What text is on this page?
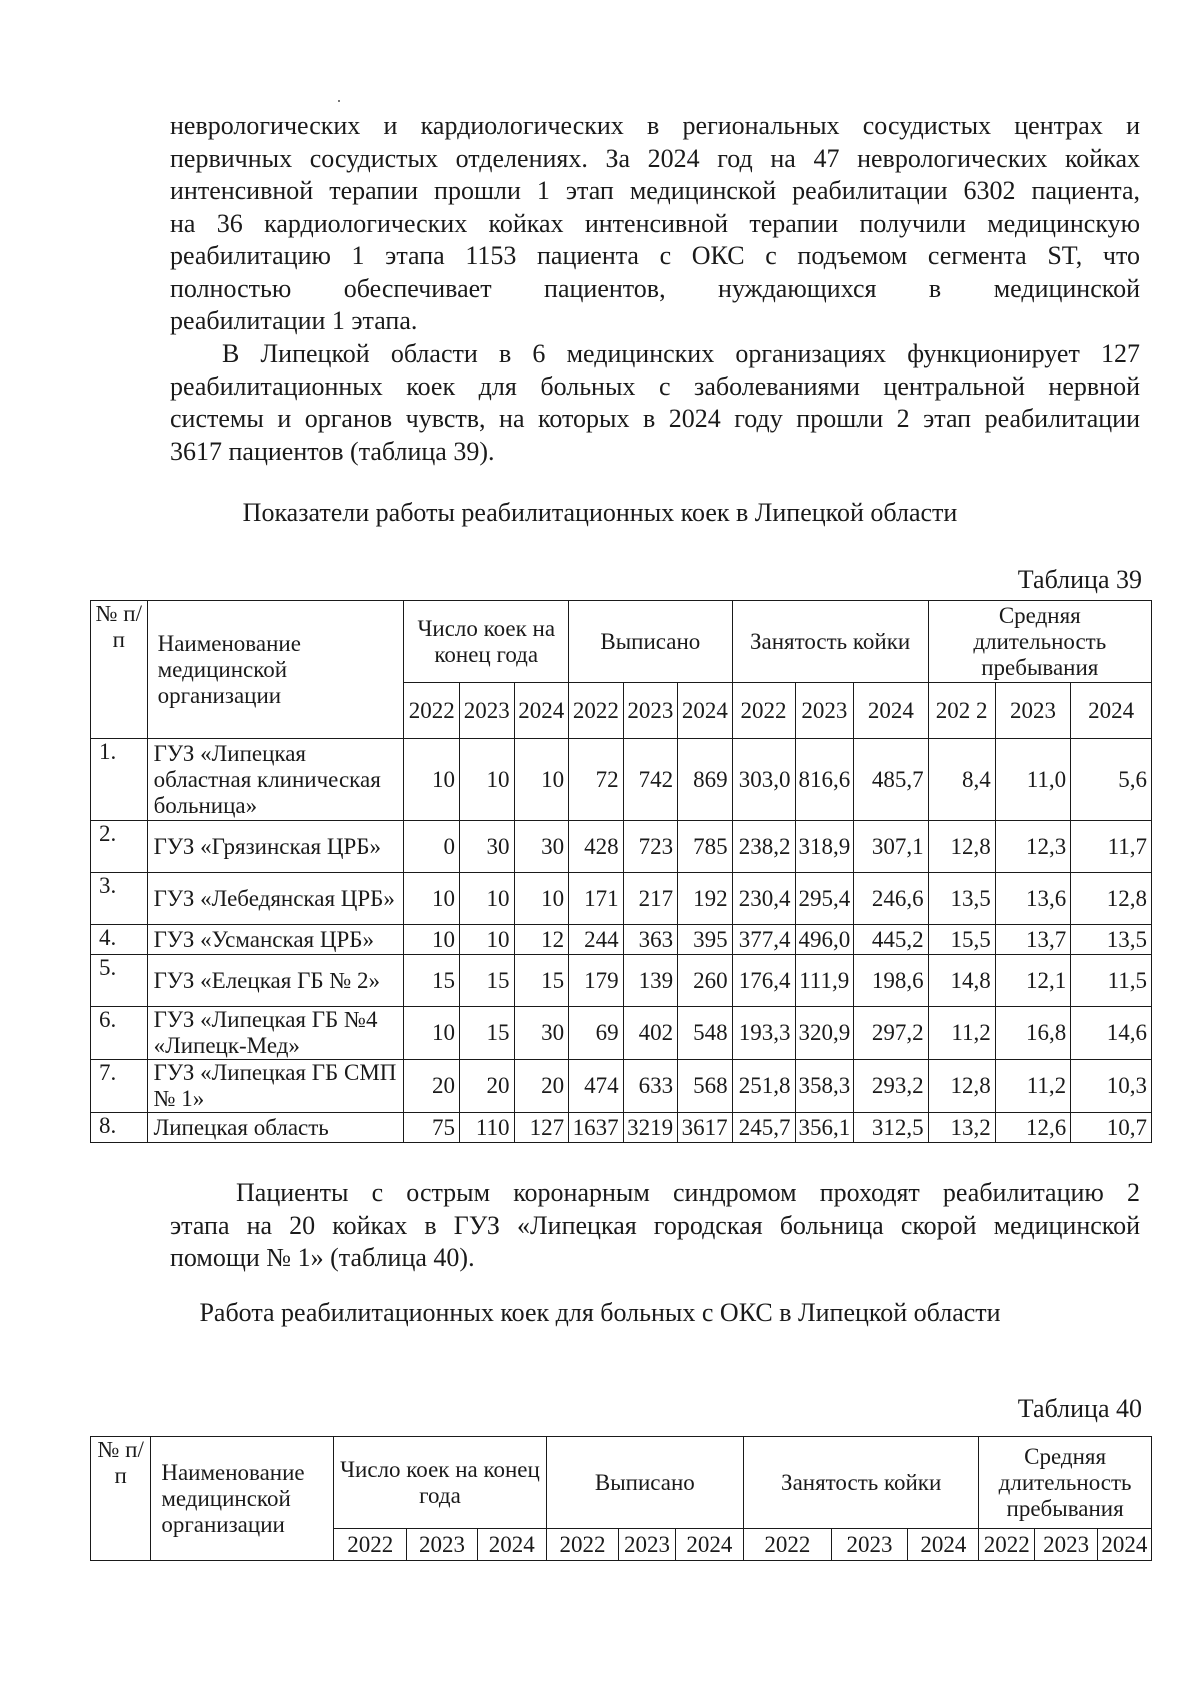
неврологических и кардиологических в региональных сосудистых центрах и
первичных сосудистых отделениях. За 2024 год на 47 неврологических койках
интенсивной терапии прошли 1 этап медицинской реабилитации 6302 пациента,
на 36 кардиологических койках интенсивной терапии получили медицинскую
реабилитацию 1 этапа 1153 пациента с ОКС с подъемом сегмента ST, что
полностью обеспечивает пациентов, нуждающихся в медицинской
реабилитации 1 этапа.
В Липецкой области в 6 медицинских организациях функционирует 127
реабилитационных коек для больных с заболеваниями центральной нервной
системы и органов чувств, на которых в 2024 году прошли 2 этап реабилитации
3617 пациентов (таблица 39).

Показатели работы реабилитационных коек в Липецкой области

Таблица 39

№ п/п	Наименование медицинской организации	Число коек на конец года			Выписано			Занятость койки			Средняя длительность пребывания		
		2022	2023	2024	2022	2023	2024	2022	2023	2024	202 2	2023	2024
1.	ГУЗ «Липецкая областная клиническая больница»	10	10	10	72	742	869	303,0	816,6	485,7	8,4	11,0	5,6
2.	ГУЗ «Грязинская ЦРБ»	0	30	30	428	723	785	238,2	318,9	307,1	12,8	12,3	11,7
3.	ГУЗ «Лебедянская ЦРБ»	10	10	10	171	217	192	230,4	295,4	246,6	13,5	13,6	12,8
4.	ГУЗ «Усманская ЦРБ»	10	10	12	244	363	395	377,4	496,0	445,2	15,5	13,7	13,5
5.	ГУЗ «Елецкая ГБ № 2»	15	15	15	179	139	260	176,4	111,9	198,6	14,8	12,1	11,5
6.	ГУЗ «Липецкая ГБ №4 «Липецк-Мед»	10	15	30	69	402	548	193,3	320,9	297,2	11,2	16,8	14,6
7.	ГУЗ «Липецкая ГБ СМП № 1»	20	20	20	474	633	568	251,8	358,3	293,2	12,8	11,2	10,3
8.	Липецкая область	75	110	127	1637	3219	3617	245,7	356,1	312,5	13,2	12,6	10,7
Пациенты с острым коронарным синдромом проходят реабилитацию 2
этапа на 20 койках в ГУЗ «Липецкая городская больница скорой медицинской
помощи № 1» (таблица 40).

Работа реабилитационных коек для больных с ОКС в Липецкой области

Таблица 40

№ п/п	Наименование медицинской организации	Число коек на конец года			Выписано			Занятость койки			Средняя длительность пребывания		
		2022	2023	2024	2022	2023	2024	2022	2023	2024	2022	2023	2024
